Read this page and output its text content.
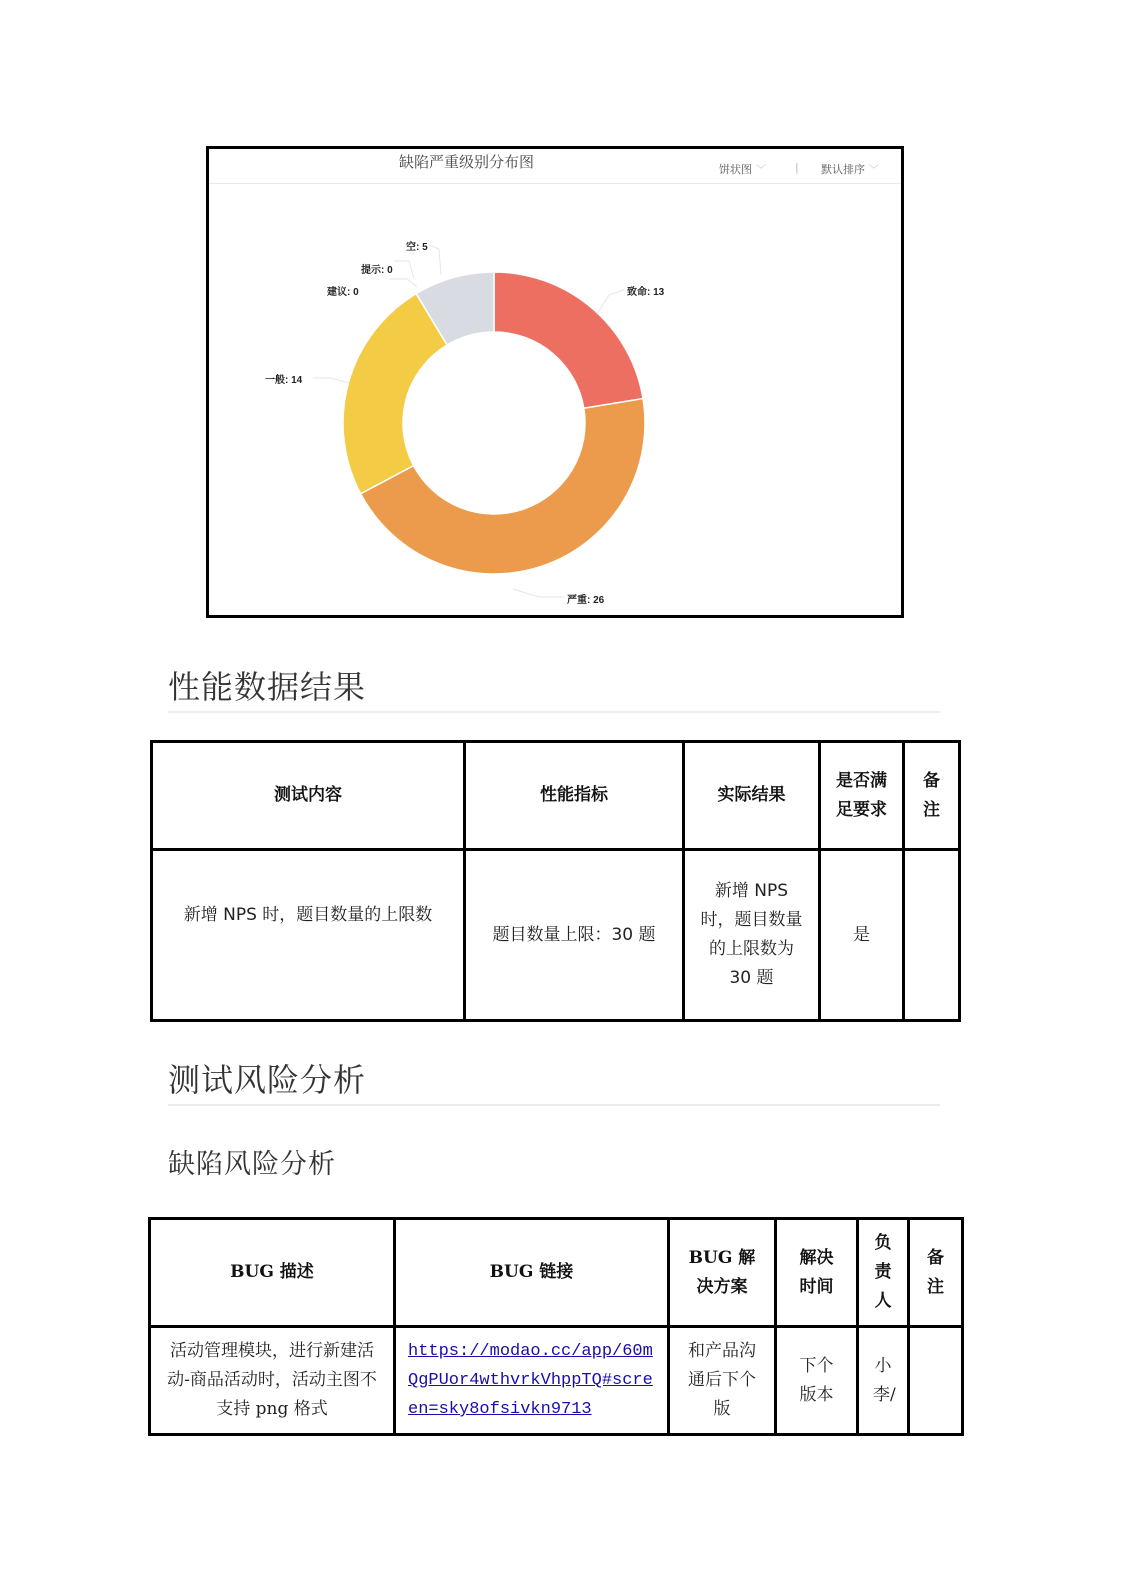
缺陷严重级别分布图	饼状图 ﹀	| 默认排序 ﹀
致命: 13
严重: 26
一般: 14
建议: 0
提示: 0
空: 5
性能数据结果
测试内容	性能指标	实际结果	是否满足要求	备注
新增 NPS 时，题目数量的上限数	题目数量上限：30 题	新增 NPS 时，题目数量的上限数为 30 题	是	
测试风险分析
缺陷风险分析
BUG 描述	BUG 链接	BUG 解决方案	解决时间	负责人	备注
活动管理模块，进行新建活动-商品活动时，活动主图不支持 png 格式	https://modao.cc/app/60mQgPUor4wthvrkVhppTQ#screen=sky8ofsivkn9713	和产品沟通后下个版	下个版本	小李/	
